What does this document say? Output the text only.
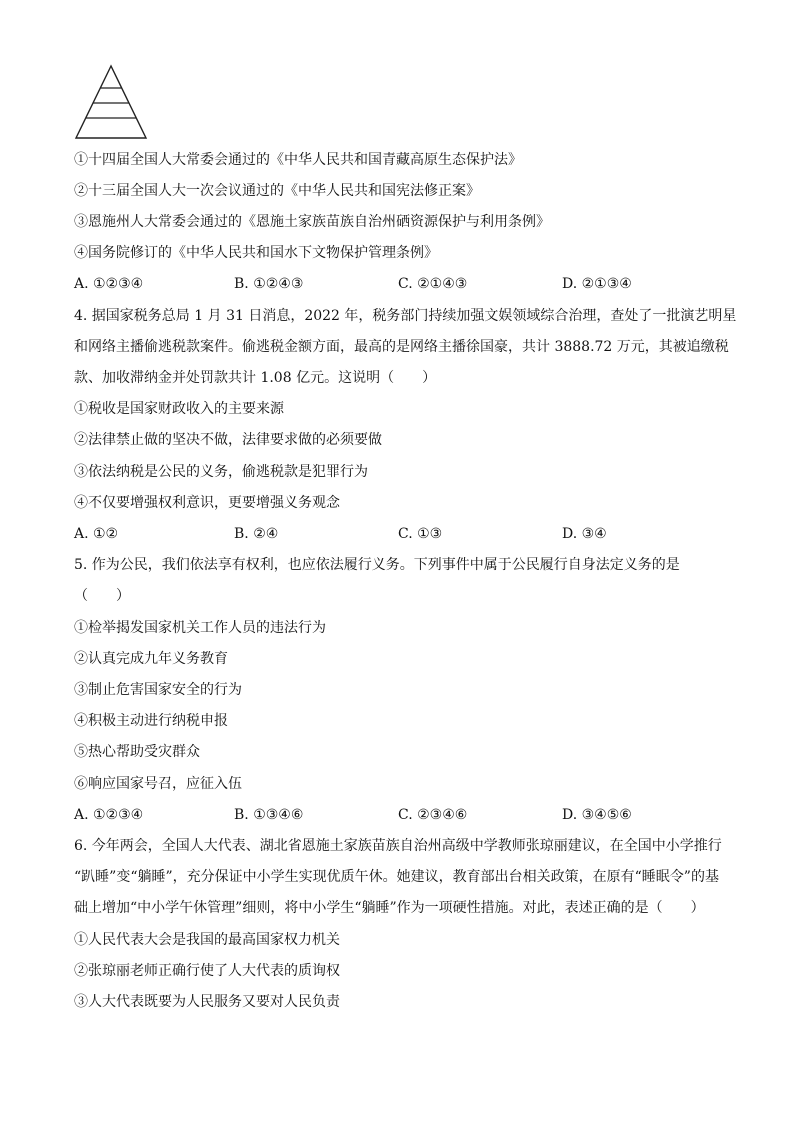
①十四届全国人大常委会通过的《中华人民共和国青藏高原生态保护法》
②十三届全国人大一次会议通过的《中华人民共和国宪法修正案》
③恩施州人大常委会通过的《恩施土家族苗族自治州硒资源保护与利用条例》
④国务院修订的《中华人民共和国水下文物保护管理条例》
A. ①②③④	B. ①②④③	C. ②①④③	D. ②①③④
4. 据国家税务总局 1 月 31 日消息，2022 年，税务部门持续加强文娱领域综合治理，查处了一批演艺明星
和网络主播偷逃税款案件。偷逃税金额方面，最高的是网络主播徐国豪，共计 3888.72 万元，其被追缴税
款、加收滞纳金并处罚款共计 1.08 亿元。这说明（　　）
①税收是国家财政收入的主要来源
②法律禁止做的坚决不做，法律要求做的必须要做
③依法纳税是公民的义务，偷逃税款是犯罪行为
④不仅要增强权利意识，更要增强义务观念
A. ①②	B. ②④	C. ①③	D. ③④
5. 作为公民，我们依法享有权利，也应依法履行义务。下列事件中属于公民履行自身法定义务的是
（　　）
①检举揭发国家机关工作人员的违法行为
②认真完成九年义务教育
③制止危害国家安全的行为
④积极主动进行纳税申报
⑤热心帮助受灾群众
⑥响应国家号召，应征入伍
A. ①②③④	B. ①③④⑥	C. ②③④⑥	D. ③④⑤⑥
6. 今年两会，全国人大代表、湖北省恩施土家族苗族自治州高级中学教师张琼丽建议，在全国中小学推行
“趴睡”变“躺睡”，充分保证中小学生实现优质午休。她建议，教育部出台相关政策，在原有“睡眠令”的基
础上增加“中小学午休管理”细则，将中小学生“躺睡”作为一项硬性措施。对此，表述正确的是（　　）
①人民代表大会是我国的最高国家权力机关
②张琼丽老师正确行使了人大代表的质询权
③人大代表既要为人民服务又要对人民负责
